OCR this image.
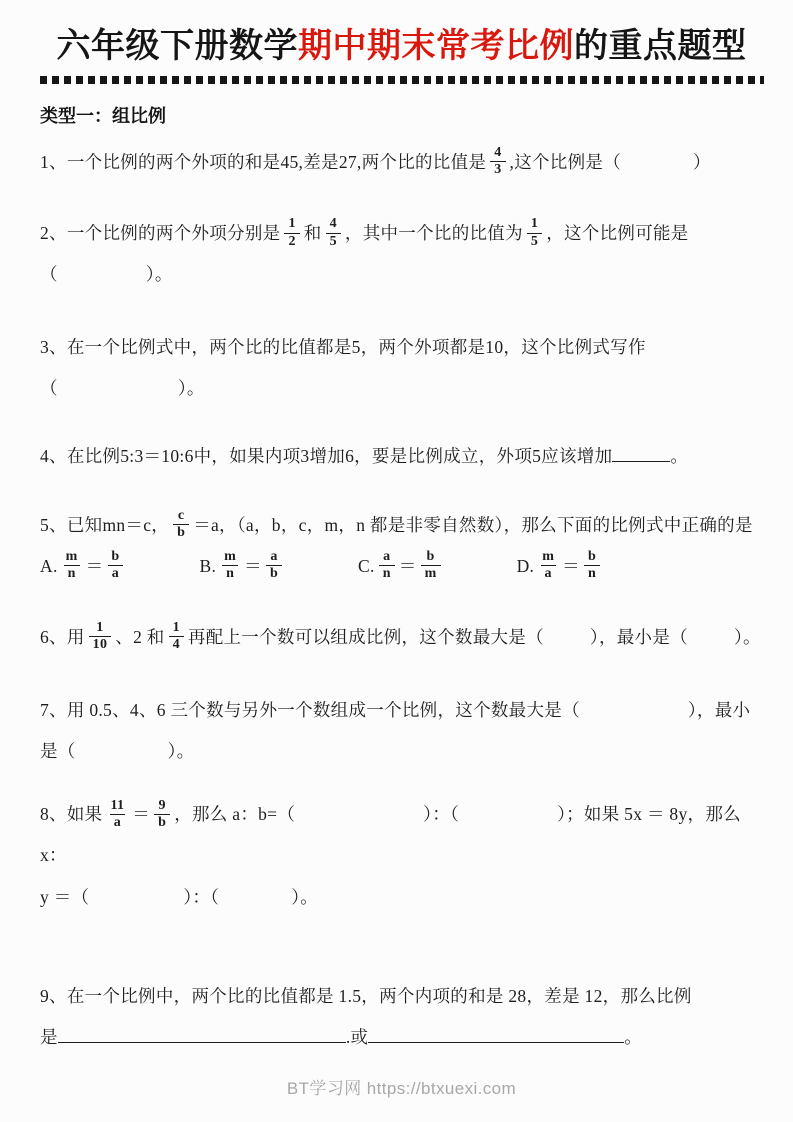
六年级下册数学期中期末常考比例的重点题型
类型一：组比例
1、一个比例的两个外项的和是45,差是27,两个比的比值是 $\frac{4}{3}$ ,这个比例是（	）
2、一个比例的两个外项分别是 $\frac{1}{2}$ 和 $\frac{4}{5}$ ，其中一个比的比值为 $\frac{1}{5}$ ，这个比例可能是
（	）。
3、在一个比例式中，两个比的比值都是5，两个外项都是10，这个比例式写作
（	）。
4、在比例5:3＝10:6中，如果内项3增加6，要是比例成立，外项5应该增加	。
5、已知mn＝c， $\frac{c}{b} =a$，（a，b，c，m，n 都是非零自然数），那么下面的比例式中正确的是
A. $\frac{m}{n} = \frac{b}{a}$	B. $\frac{m}{n} = \frac{a}{b}$	C. $\frac{a}{n} = \frac{b}{m}$	D. $\frac{m}{a} = \frac{b}{n}$
6、用 $\frac{1}{10}$ 、2 和 $\frac{1}{4}$ 再配上一个数可以组成比例，这个数最大是（	），最小是（	）。
7、用 0.5、4、6 三个数与另外一个数组成一个比例，这个数最大是（	），最小
是（	）。
8、如果 $\frac{11}{a} = \frac{9}{b}$ ，那么 a：b=（	）：（	）；如果 5x ＝ 8y，那么 x：
y ＝（	）：（	）。
9、在一个比例中，两个比的比值都是 1.5，两个内项的和是 28，差是 12，那么比例
是	.或	。
BT学习网 https://btxuexi.com
